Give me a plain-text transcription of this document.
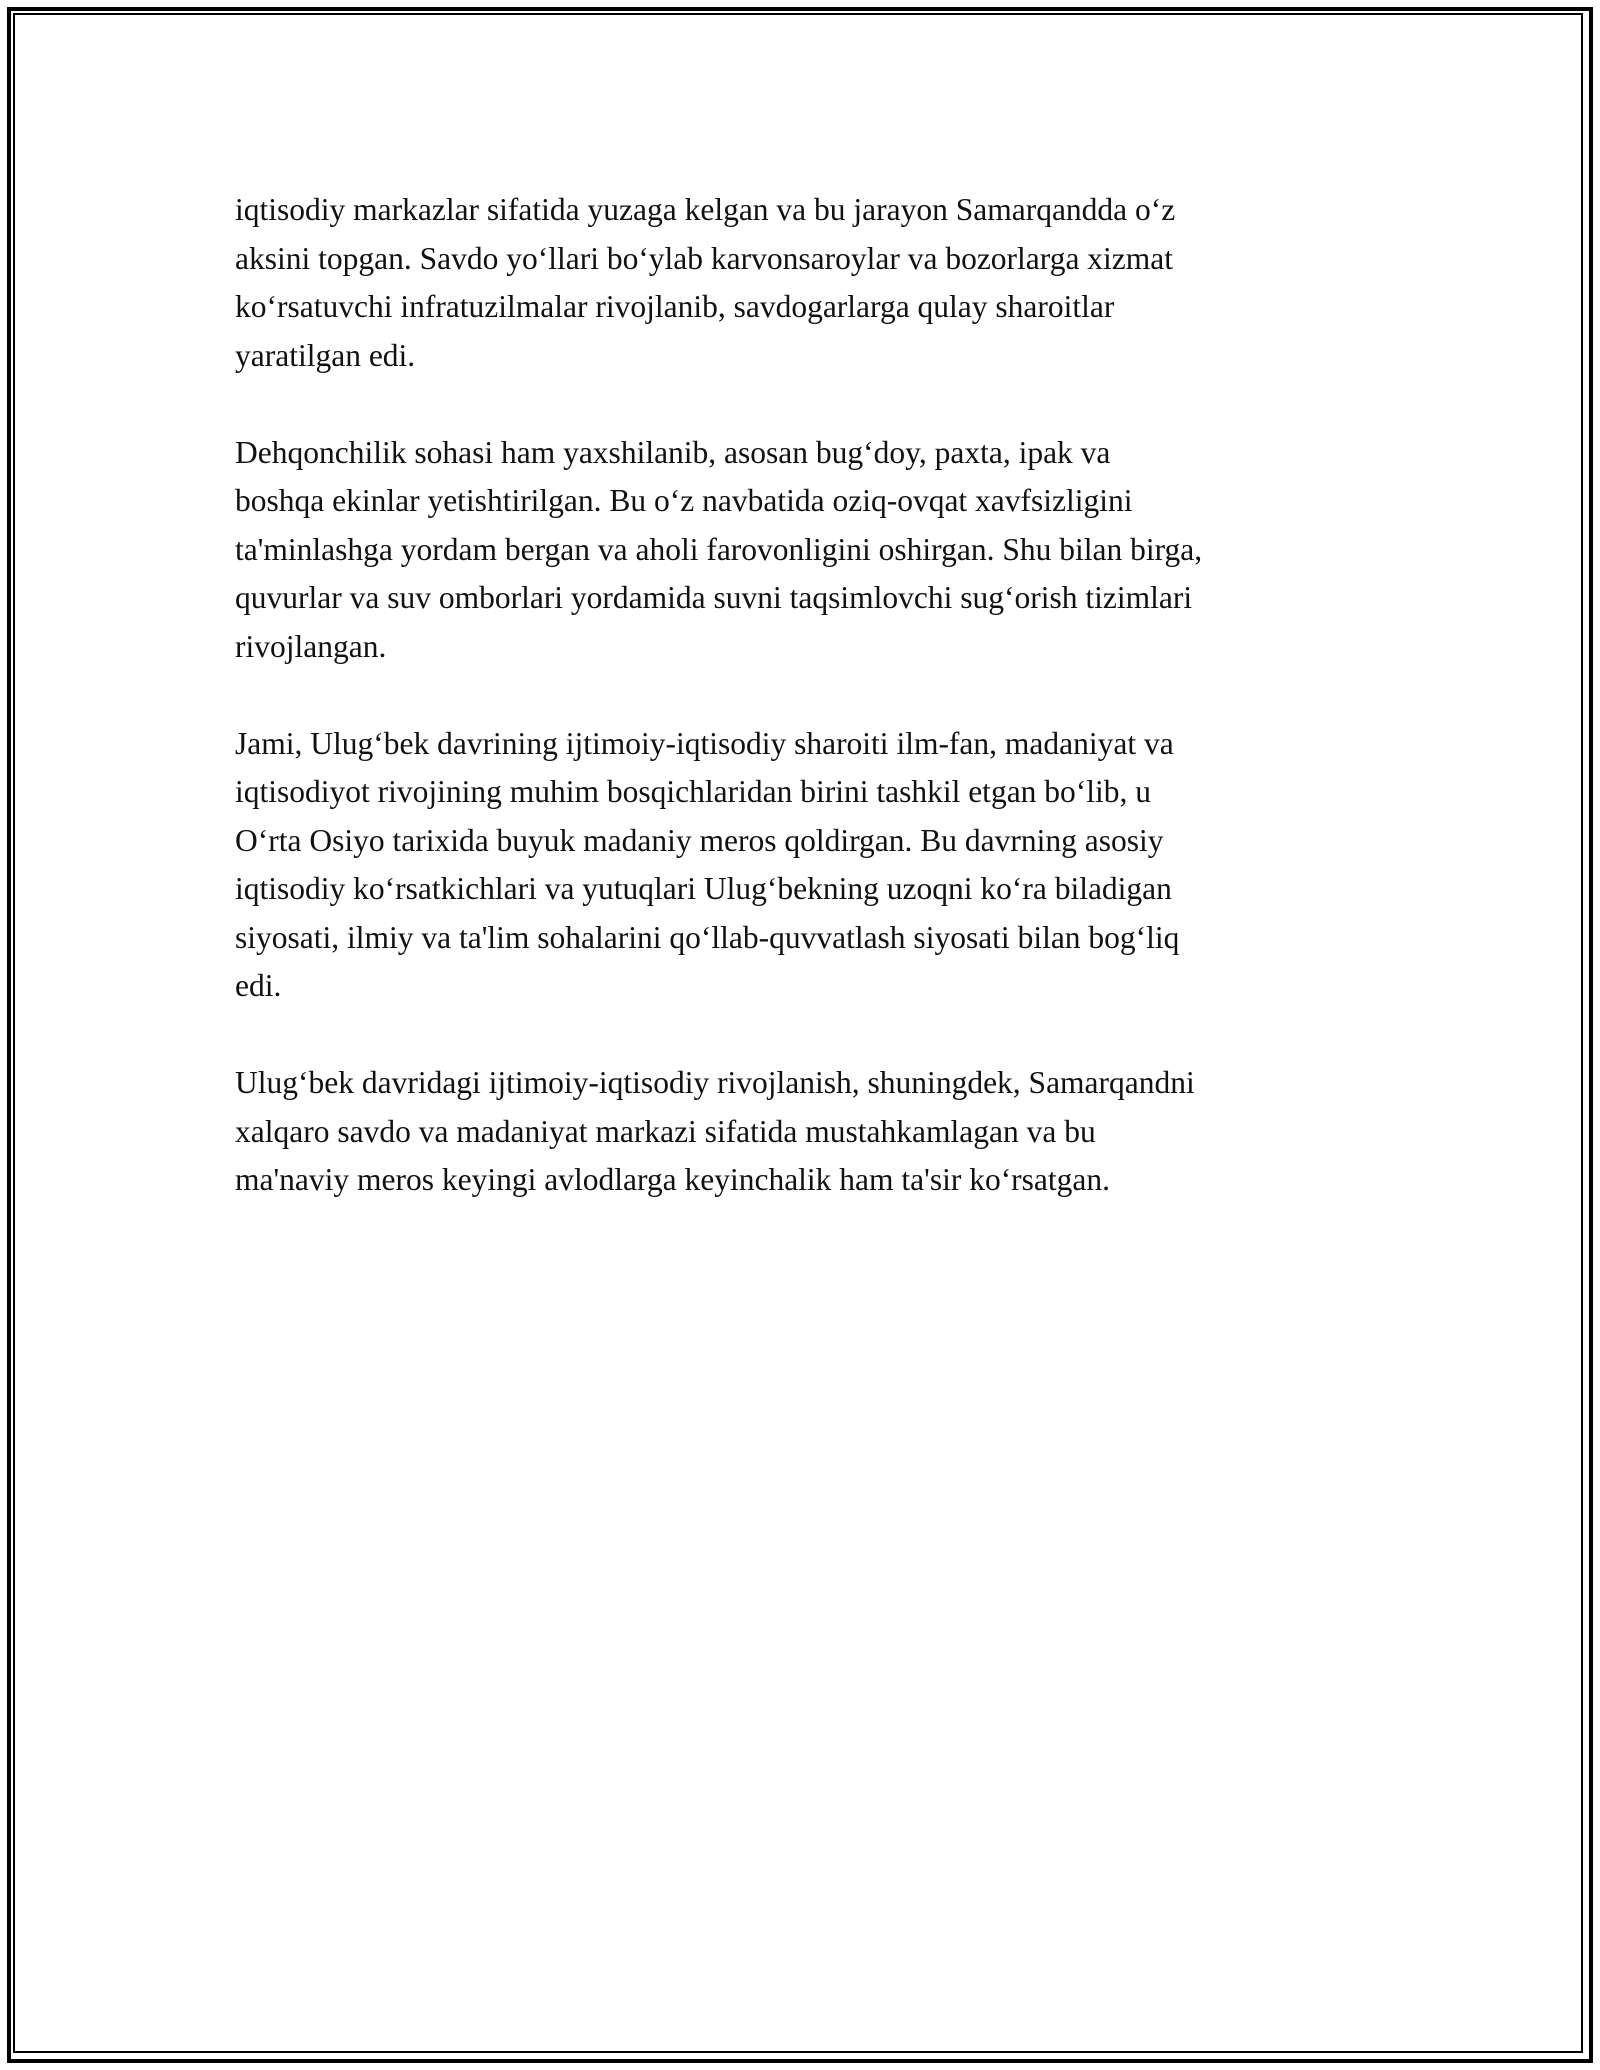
iqtisodiy markazlar sifatida yuzaga kelgan va bu jarayon Samarqandda o‘z
aksini topgan. Savdo yo‘llari bo‘ylab karvonsaroylar va bozorlarga xizmat
ko‘rsatuvchi infratuzilmalar rivojlanib, savdogarlarga qulay sharoitlar
yaratilgan edi.

Dehqonchilik sohasi ham yaxshilanib, asosan bug‘doy, paxta, ipak va
boshqa ekinlar yetishtirilgan. Bu o‘z navbatida oziq-ovqat xavfsizligini
ta'minlashga yordam bergan va aholi farovonligini oshirgan. Shu bilan birga,
quvurlar va suv omborlari yordamida suvni taqsimlovchi sug‘orish tizimlari
rivojlangan.

Jami, Ulug‘bek davrining ijtimoiy-iqtisodiy sharoiti ilm-fan, madaniyat va
iqtisodiyot rivojining muhim bosqichlaridan birini tashkil etgan bo‘lib, u
O‘rta Osiyo tarixida buyuk madaniy meros qoldirgan. Bu davrning asosiy
iqtisodiy ko‘rsatkichlari va yutuqlari Ulug‘bekning uzoqni ko‘ra biladigan
siyosati, ilmiy va ta'lim sohalarini qo‘llab-quvvatlash siyosati bilan bog‘liq
edi.

Ulug‘bek davridagi ijtimoiy-iqtisodiy rivojlanish, shuningdek, Samarqandni
xalqaro savdo va madaniyat markazi sifatida mustahkamlagan va bu
ma'naviy meros keyingi avlodlarga keyinchalik ham ta'sir ko‘rsatgan.
